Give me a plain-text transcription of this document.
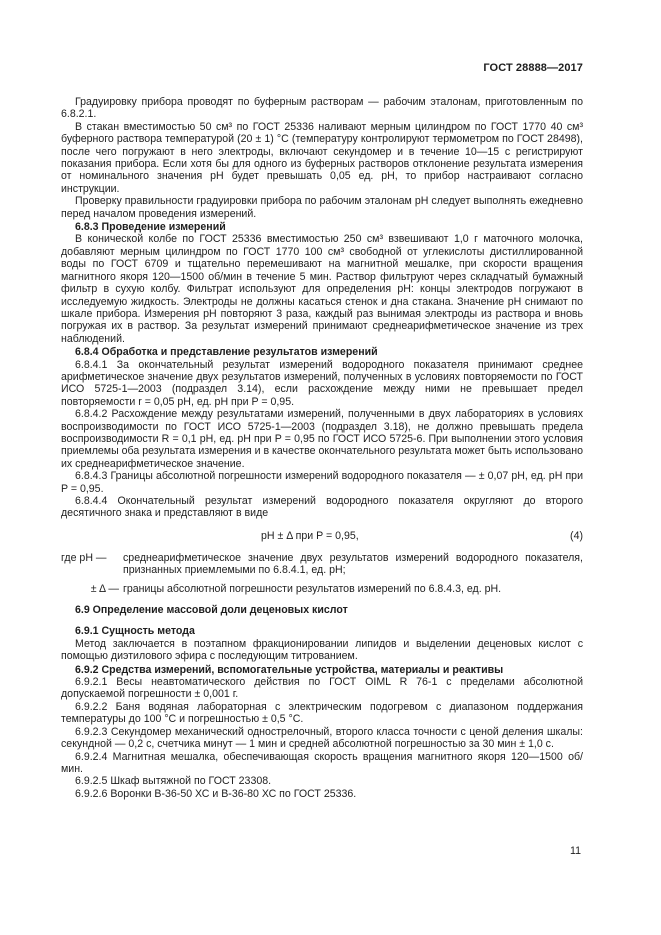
ГОСТ 28888—2017

Градуировку прибора проводят по буферным растворам — рабочим эталонам, приготовленным по 6.8.2.1.

В стакан вместимостью 50 см³ по ГОСТ 25336 наливают мерным цилиндром по ГОСТ 1770 40 см³ буферного раствора температурой (20 ± 1) °С (температуру контролируют термометром по ГОСТ 28498), после чего погружают в него электроды, включают секундомер и в течение 10—15 с регистрируют показания прибора. Если хотя бы для одного из буферных растворов отклонение результата измерения от номинального значения рН будет превышать 0,05 ед. рН, то прибор настраивают согласно инструкции.

Проверку правильности градуировки прибора по рабочим эталонам рН следует выполнять ежедневно перед началом проведения измерений.

6.8.3 Проведение измерений

В конической колбе по ГОСТ 25336 вместимостью 250 см³ взвешивают 1,0 г маточного молочка, добавляют мерным цилиндром по ГОСТ 1770 100 см³ свободной от углекислоты дистиллированной воды по ГОСТ 6709 и тщательно перемешивают на магнитной мешалке, при скорости вращения магнитного якоря 120—1500 об/мин в течение 5 мин. Раствор фильтруют через складчатый бумажный фильтр в сухую колбу. Фильтрат используют для определения рН: концы электродов погружают в исследуемую жидкость. Электроды не должны касаться стенок и дна стакана. Значение рН снимают по шкале прибора. Измерения рН повторяют 3 раза, каждый раз вынимая электроды из раствора и вновь погружая их в раствор. За результат измерений принимают среднеарифметическое значение из трех наблюдений.

6.8.4 Обработка и представление результатов измерений

6.8.4.1 За окончательный результат измерений водородного показателя принимают среднее арифметическое значение двух результатов измерений, полученных в условиях повторяемости по ГОСТ ИСО 5725-1—2003 (подраздел 3.14), если расхождение между ними не превышает предел повторяемости r = 0,05 pH, ед. рН при P = 0,95.

6.8.4.2 Расхождение между результатами измерений, полученными в двух лабораториях в условиях воспроизводимости по ГОСТ ИСО 5725-1—2003 (подраздел 3.18), не должно превышать предела воспроизводимости R = 0,1 pH, ед. рН при P = 0,95 по ГОСТ ИСО 5725-6. При выполнении этого условия приемлемы оба результата измерения и в качестве окончательного результата может быть использовано их среднеарифметическое значение.

6.8.4.3 Границы абсолютной погрешности измерений водородного показателя — ± 0,07 pH, ед. рН при P = 0,95.

6.8.4.4 Окончательный результат измерений водородного показателя округляют до второго десятичного знака и представляют в виде

pH ± Δ при P = 0,95,	(4)
где pH —	среднеарифметическое значение двух результатов измерений водородного показателя, признанных приемлемыми по 6.8.4.1, ед. рН;
± Δ — границы абсолютной погрешности результатов измерений по 6.8.4.3, ед. рН.

6.9 Определение массовой доли деценовых кислот

6.9.1 Сущность метода

Метод заключается в поэтапном фракционировании липидов и выделении деценовых кислот с помощью диэтилового эфира с последующим титрованием.

6.9.2 Средства измерений, вспомогательные устройства, материалы и реактивы

6.9.2.1 Весы неавтоматического действия по ГОСТ OIML R 76-1 с пределами абсолютной допускаемой погрешности ± 0,001 г.

6.9.2.2 Баня водяная лабораторная с электрическим подогревом с диапазоном поддержания температуры до 100 °С и погрешностью ± 0,5 °С.

6.9.2.3 Секундомер механический однострелочный, второго класса точности с ценой деления шкалы: секундной — 0,2 с, счетчика минут — 1 мин и средней абсолютной погрешностью за 30 мин ± 1,0 с.

6.9.2.4 Магнитная мешалка, обеспечивающая скорость вращения магнитного якоря 120—1500 об/мин.

6.9.2.5 Шкаф вытяжной по ГОСТ 23308.

6.9.2.6 Воронки В-36-50 ХС и В-36-80 ХС по ГОСТ 25336.

11
